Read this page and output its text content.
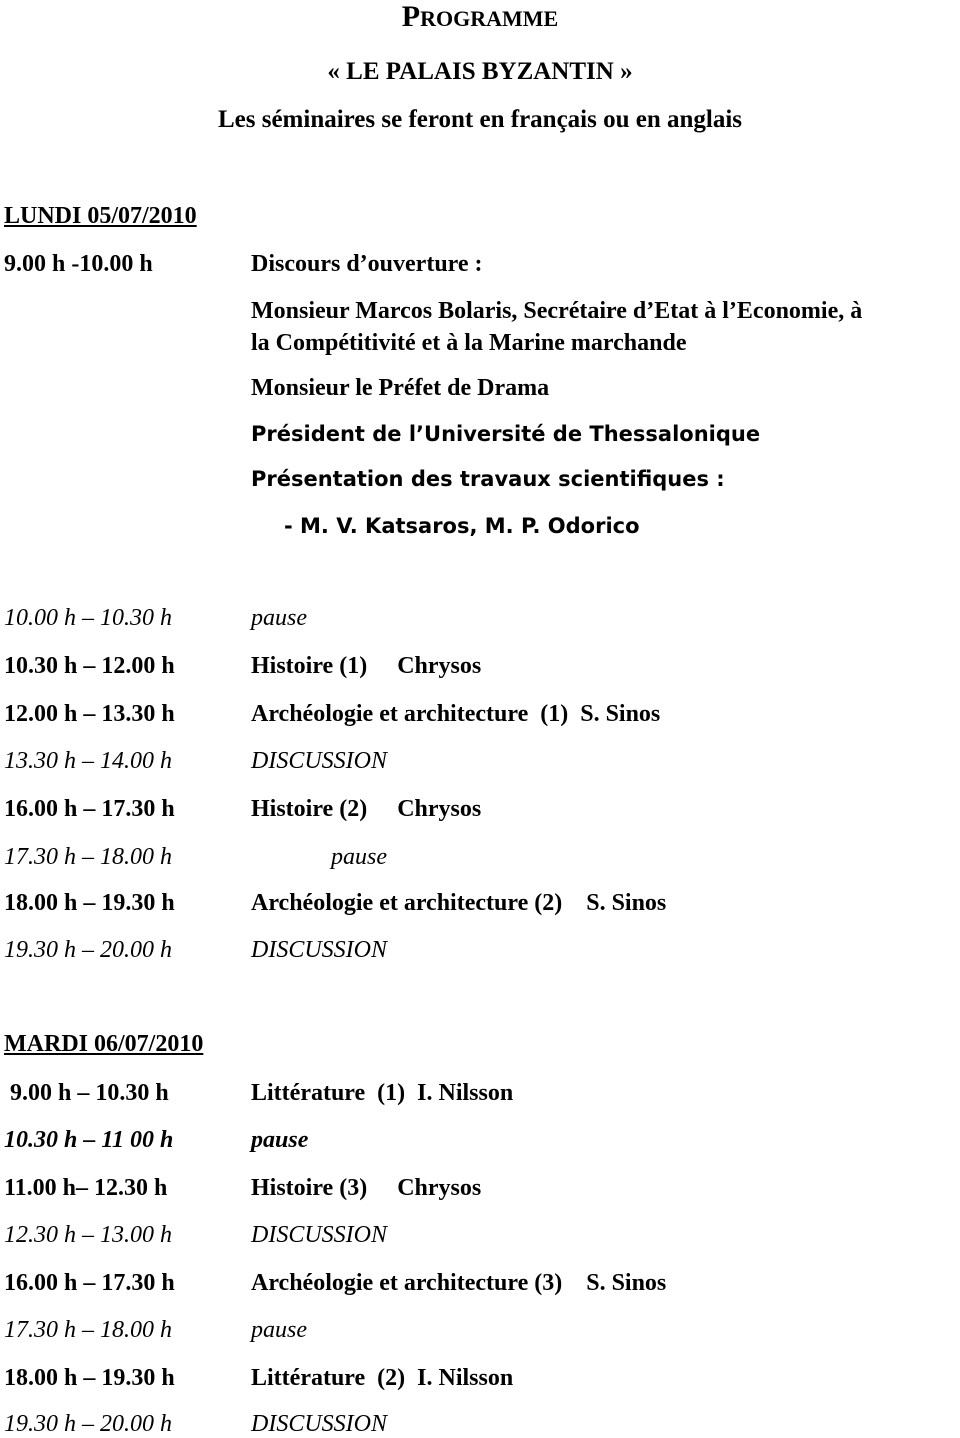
PROGRAMME
« LE PALAIS BYZANTIN »
Les séminaires se feront en français ou en anglais
LUNDI 05/07/2010
9.00 h -10.00 h	Discours d’ouverture :
Monsieur Marcos Bolaris, Secrétaire d’Etat à l’Economie, à
la Compétitivité et à la Marine marchande
Monsieur le Préfet de Drama
Président de l’Université de Thessalonique
Présentation des travaux scientifiques :
- M. V. Katsaros, M. P. Odorico
10.00 h – 10.30 h	pause
10.30 h – 12.00 h	Histoire (1)     Chrysos
12.00 h – 13.30 h	Archéologie et architecture  (1)  S. Sinos
13.30 h – 14.00 h	DISCUSSION
16.00 h – 17.30 h	Histoire (2)     Chrysos
17.30 h – 18.00 h	pause
18.00 h – 19.30 h	Archéologie et architecture (2)    S. Sinos
19.30 h – 20.00 h	DISCUSSION
MARDI 06/07/2010
9.00 h – 10.30 h	Littérature  (1)  I. Nilsson
10.30 h – 11 00 h	pause
11.00 h– 12.30 h	Histoire (3)     Chrysos
12.30 h – 13.00 h	DISCUSSION
16.00 h – 17.30 h	Archéologie et architecture (3)    S. Sinos
17.30 h – 18.00 h	pause
18.00 h – 19.30 h	Littérature  (2)  I. Nilsson
19.30 h – 20.00 h	DISCUSSION
